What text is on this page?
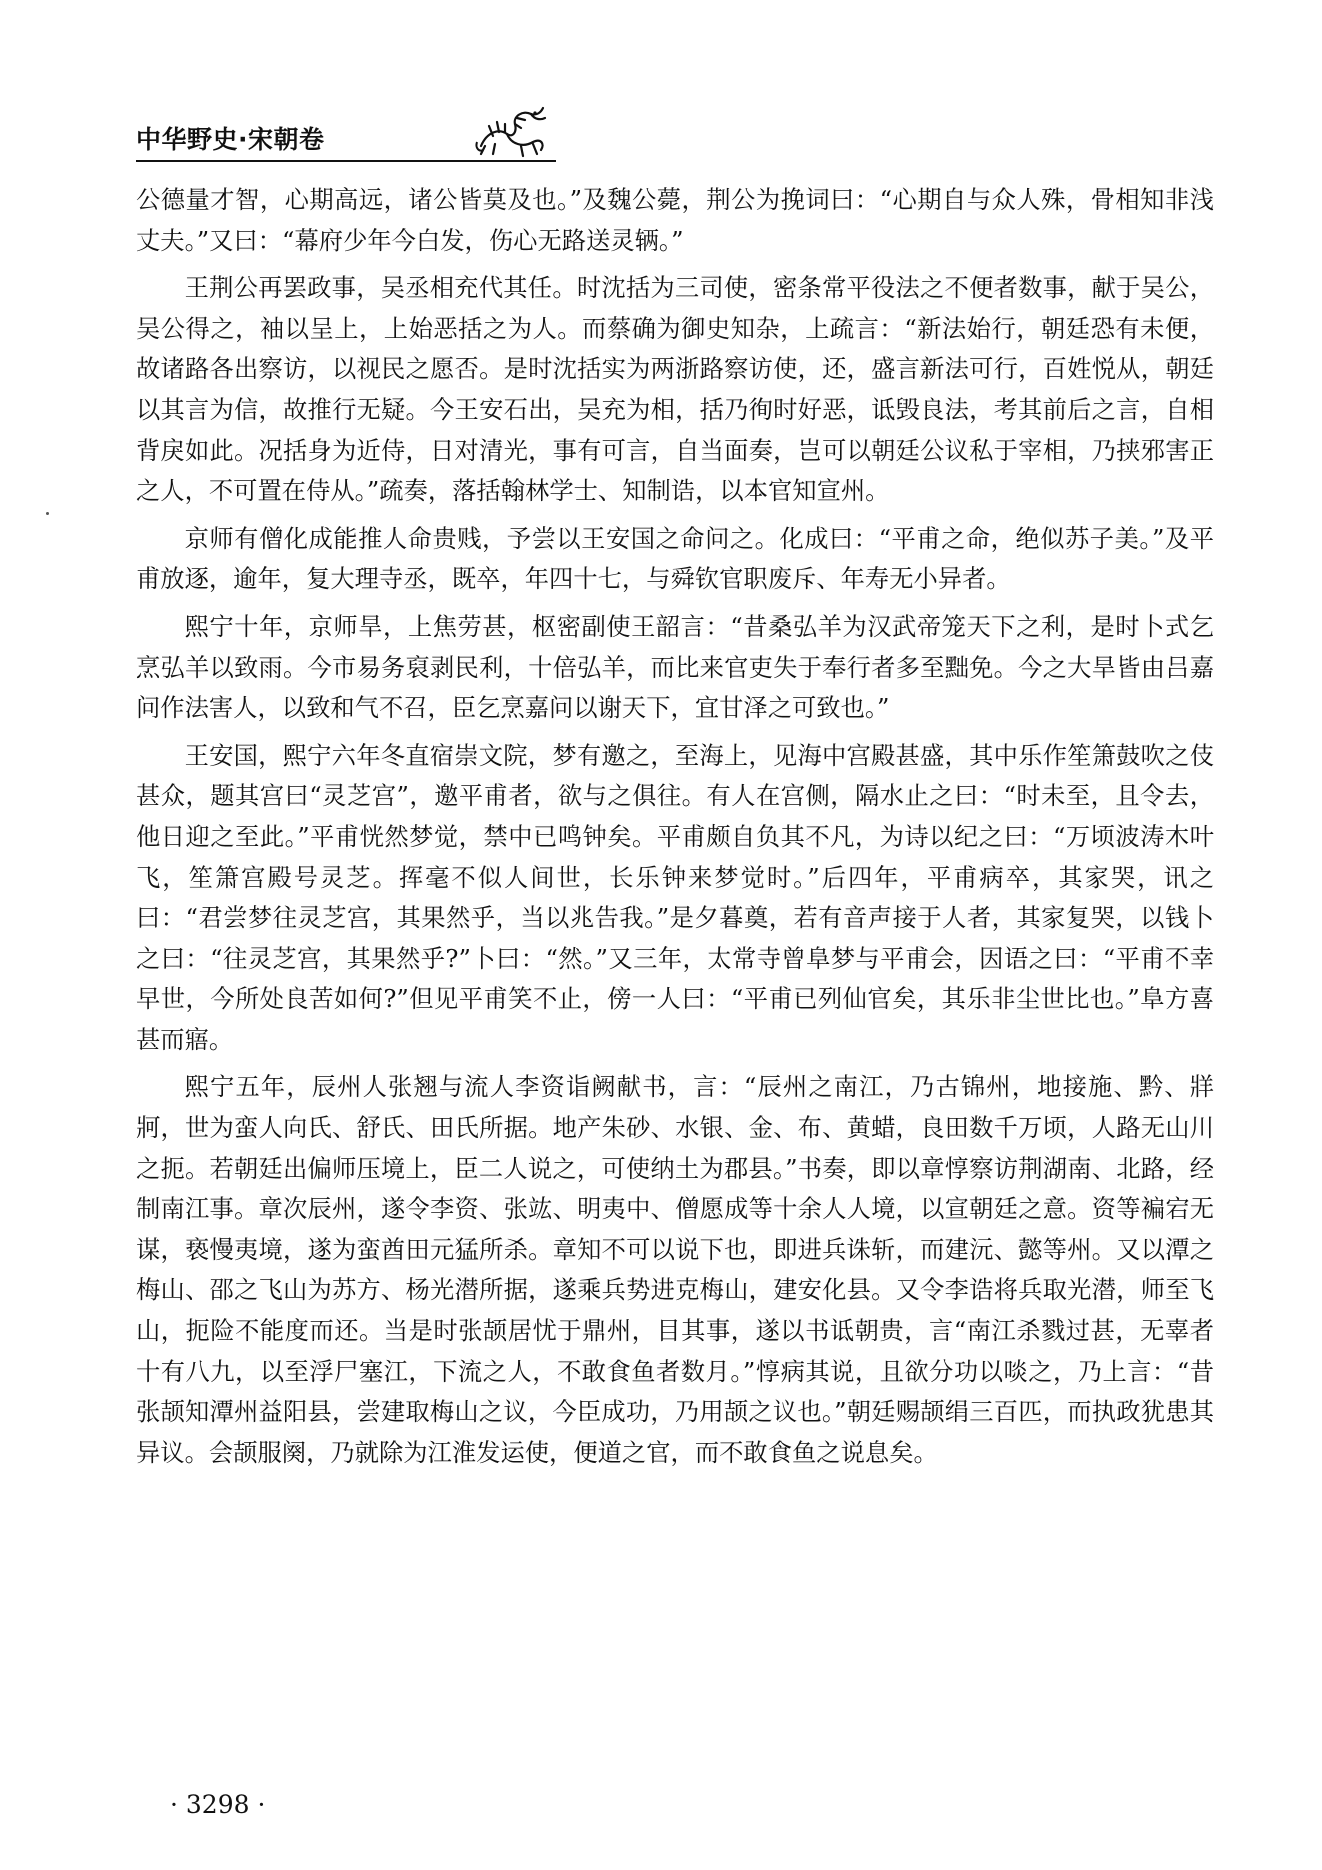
中华野史·宋朝卷

公德量才智，心期高远，诸公皆莫及也。”及魏公薨，荆公为挽词曰：“心期自与众人殊，骨相知非浅丈夫。”又曰：“幕府少年今白发，伤心无路送灵辆。”

王荆公再罢政事，吴丞相充代其任。时沈括为三司使，密条常平役法之不便者数事，献于吴公，吴公得之，袖以呈上，上始恶括之为人。而蔡确为御史知杂，上疏言：“新法始行，朝廷恐有未便，故诸路各出察访，以视民之愿否。是时沈括实为两浙路察访使，还，盛言新法可行，百姓悦从，朝廷以其言为信，故推行无疑。今王安石出，吴充为相，括乃徇时好恶，诋毁良法，考其前后之言，自相背戾如此。况括身为近侍，日对清光，事有可言，自当面奏，岂可以朝廷公议私于宰相，乃挟邪害正之人，不可置在侍从。”疏奏，落括翰林学士、知制诰，以本官知宣州。

京师有僧化成能推人命贵贱，予尝以王安国之命问之。化成曰：“平甫之命，绝似苏子美。”及平甫放逐，逾年，复大理寺丞，既卒，年四十七，与舜钦官职废斥、年寿无小异者。

熙宁十年，京师旱，上焦劳甚，枢密副使王韶言：“昔桑弘羊为汉武帝笼天下之利，是时卜式乞烹弘羊以致雨。今市易务裒剥民利，十倍弘羊，而比来官吏失于奉行者多至黜免。今之大旱皆由吕嘉问作法害人，以致和气不召，臣乞烹嘉问以谢天下，宜甘泽之可致也。”

王安国，熙宁六年冬直宿崇文院，梦有邀之，至海上，见海中宫殿甚盛，其中乐作笙箫鼓吹之伎甚众，题其宫曰“灵芝宫”，邀平甫者，欲与之俱往。有人在宫侧，隔水止之曰：“时未至，且令去，他日迎之至此。”平甫恍然梦觉，禁中已鸣钟矣。平甫颇自负其不凡，为诗以纪之曰：“万顷波涛木叶飞，笙箫宫殿号灵芝。挥毫不似人间世，长乐钟来梦觉时。”后四年，平甫病卒，其家哭，讯之曰：“君尝梦往灵芝宫，其果然乎，当以兆告我。”是夕暮奠，若有音声接于人者，其家复哭，以钱卜之曰：“往灵芝宫，其果然乎?”卜曰：“然。”又三年，太常寺曾阜梦与平甫会，因语之曰：“平甫不幸早世，今所处良苦如何?”但见平甫笑不止，傍一人曰：“平甫已列仙官矣，其乐非尘世比也。”阜方喜甚而寤。

熙宁五年，辰州人张翘与流人李资诣阙献书，言：“辰州之南江，乃古锦州，地接施、黔、牂牁，世为蛮人向氏、舒氏、田氏所据。地产朱砂、水银、金、布、黄蜡，良田数千万顷，人路无山川之扼。若朝廷出偏师压境上，臣二人说之，可使纳土为郡县。”书奏，即以章惇察访荆湖南、北路，经制南江事。章次辰州，遂令李资、张竑、明夷中、僧愿成等十余人人境，以宣朝廷之意。资等褊宕无谋，亵慢夷境，遂为蛮酋田元猛所杀。章知不可以说下也，即进兵诛斩，而建沅、懿等州。又以潭之梅山、邵之飞山为苏方、杨光潜所据，遂乘兵势进克梅山，建安化县。又令李诰将兵取光潜，师至飞山，扼险不能度而还。当是时张颉居忧于鼎州，目其事，遂以书诋朝贵，言“南江杀戮过甚，无辜者十有八九，以至浮尸塞江，下流之人，不敢食鱼者数月。”惇病其说，且欲分功以啖之，乃上言：“昔张颉知潭州益阳县，尝建取梅山之议，今臣成功，乃用颉之议也。”朝廷赐颉绢三百匹，而执政犹患其异议。会颉服阕，乃就除为江淮发运使，便道之官，而不敢食鱼之说息矣。

· 3298 ·
